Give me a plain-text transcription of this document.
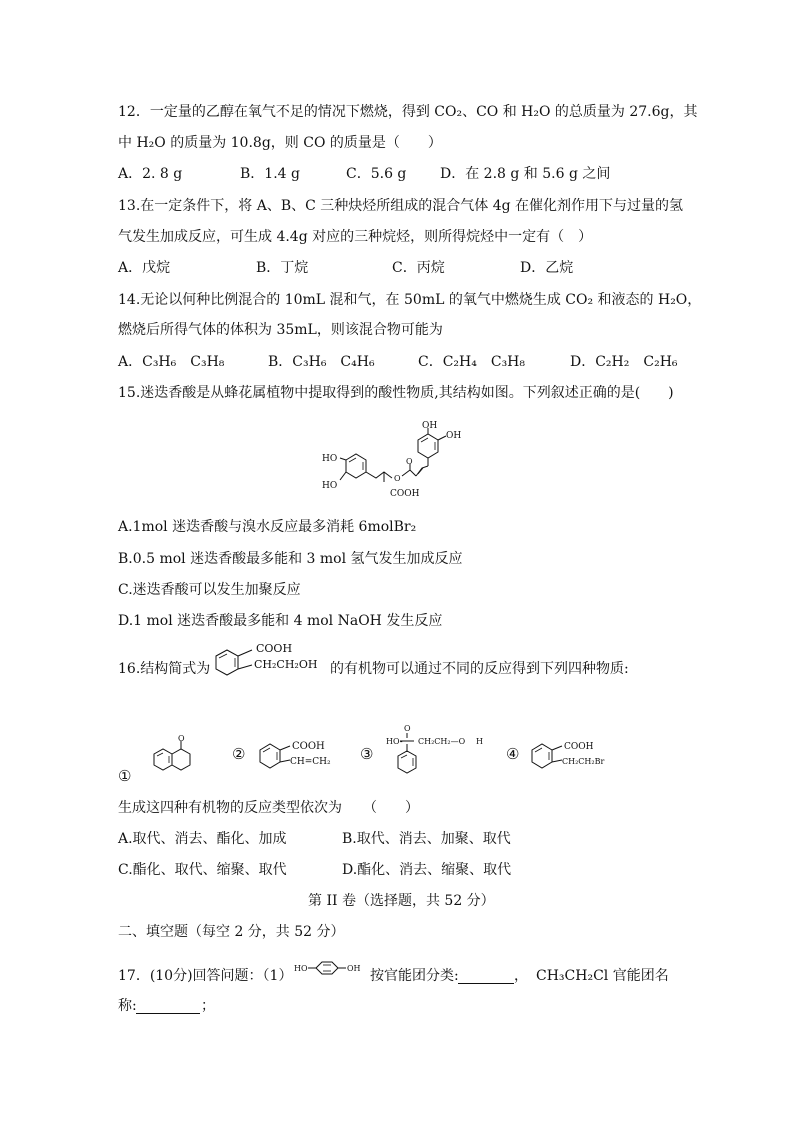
12．一定量的乙醇在氧气不足的情况下燃烧，得到 CO₂、CO 和 H₂O 的总质量为 27.6g，其
中 H₂O 的质量为 10.8g，则 CO 的质量是（　　）
A．2. 8 g	B．1.4 g	C．5.6 g D．在 2.8 g 和 5.6 g 之间
13.在一定条件下，将 A、B、C 三种炔烃所组成的混合气体 4g 在催化剂作用下与过量的氢
气发生加成反应，可生成 4.4g 对应的三种烷烃，则所得烷烃中一定有（　）
A．戊烷	B．丁烷	C．丙烷	D．乙烷
14.无论以何种比例混合的 10mL 混和气，在 50mL 的氧气中燃烧生成 CO₂ 和液态的 H₂O，
燃烧后所得气体的体积为 35mL，则该混合物可能为
A．C₃H₆　C₃H₈	B．C₃H₆　C₄H₆	C．C₂H₄　C₃H₈	D．C₂H₂　C₂H₆
15.迷迭香酸是从蜂花属植物中提取得到的酸性物质,其结构如图。下列叙述正确的是(　　)
HO
HO
COOH
O
O
OH
OH
A.1mol 迷迭香酸与溴水反应最多消耗 6molBr₂
B.0.5 mol 迷迭香酸最多能和 3 mol 氢气发生加成反应
C.迷迭香酸可以发生加聚反应
D.1 mol 迷迭香酸最多能和 4 mol NaOH 发生反应
16.结构简式为
COOH
CH₂CH₂OH 的有机物可以通过不同的反应得到下列四种物质:
①
O
②	COOH
CH=CH₂ ③
O
HO- CH₂CH₂—O H
④	COOH
CH₂CH₂Br
生成这四种有机物的反应类型依次为　　（　　）
A.取代、消去、酯化、加成	B.取代、消去、加聚、取代
C.酯化、取代、缩聚、取代	D.酯化、消去、缩聚、取代
第 II 卷（选择题，共 52 分）
二、填空题（每空 2 分，共 52 分）
17．(10分)回答问题：（1） HO	OH 按官能团分类:	， CH₃CH₂Cl 官能团名
称:	；
